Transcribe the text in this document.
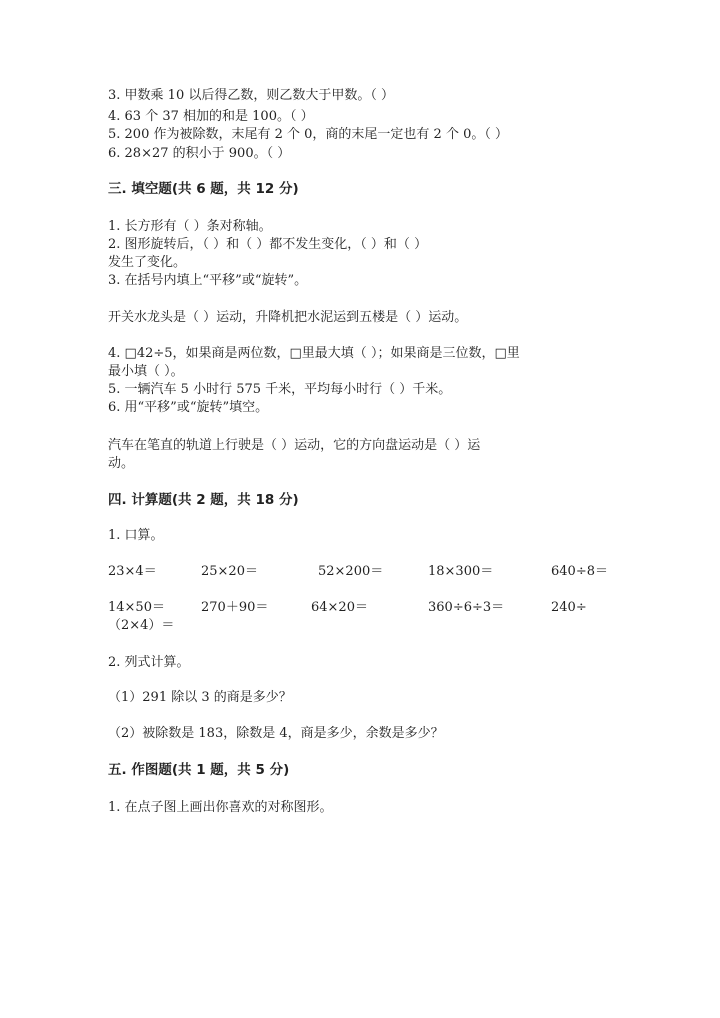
3. 甲数乘 10 以后得乙数，则乙数大于甲数。（ ）
4. 63 个 37 相加的和是 100。（ ）
5. 200 作为被除数，末尾有 2 个 0，商的末尾一定也有 2 个 0。（ ）
6. 28×27 的积小于 900。（ ）
三. 填空题(共 6 题，共 12 分)
1. 长方形有（ ）条对称轴。
2. 图形旋转后，（ ）和（ ）都不发生变化，（ ）和（ ）
发生了变化。
3. 在括号内填上“平移”或“旋转”。
开关水龙头是（ ）运动，升降机把水泥运到五楼是（ ）运动。
4. □42÷5，如果商是两位数，□里最大填（ ）；如果商是三位数，□里
最小填（ ）。
5. 一辆汽车 5 小时行 575 千米，平均每小时行（ ）千米。
6. 用“平移”或“旋转”填空。
汽车在笔直的轨道上行驶是（ ）运动，它的方向盘运动是（ ）运
动。
四. 计算题(共 2 题，共 18 分)
1. 口算。
23×4＝	25×20＝	52×200＝	18×300＝	640÷8＝
14×50＝	270＋90＝	64×20＝	360÷6÷3＝	240÷
（2×4）＝
2. 列式计算。
（1）291 除以 3 的商是多少？
（2）被除数是 183，除数是 4，商是多少，余数是多少？
五. 作图题(共 1 题，共 5 分)
1. 在点子图上画出你喜欢的对称图形。
